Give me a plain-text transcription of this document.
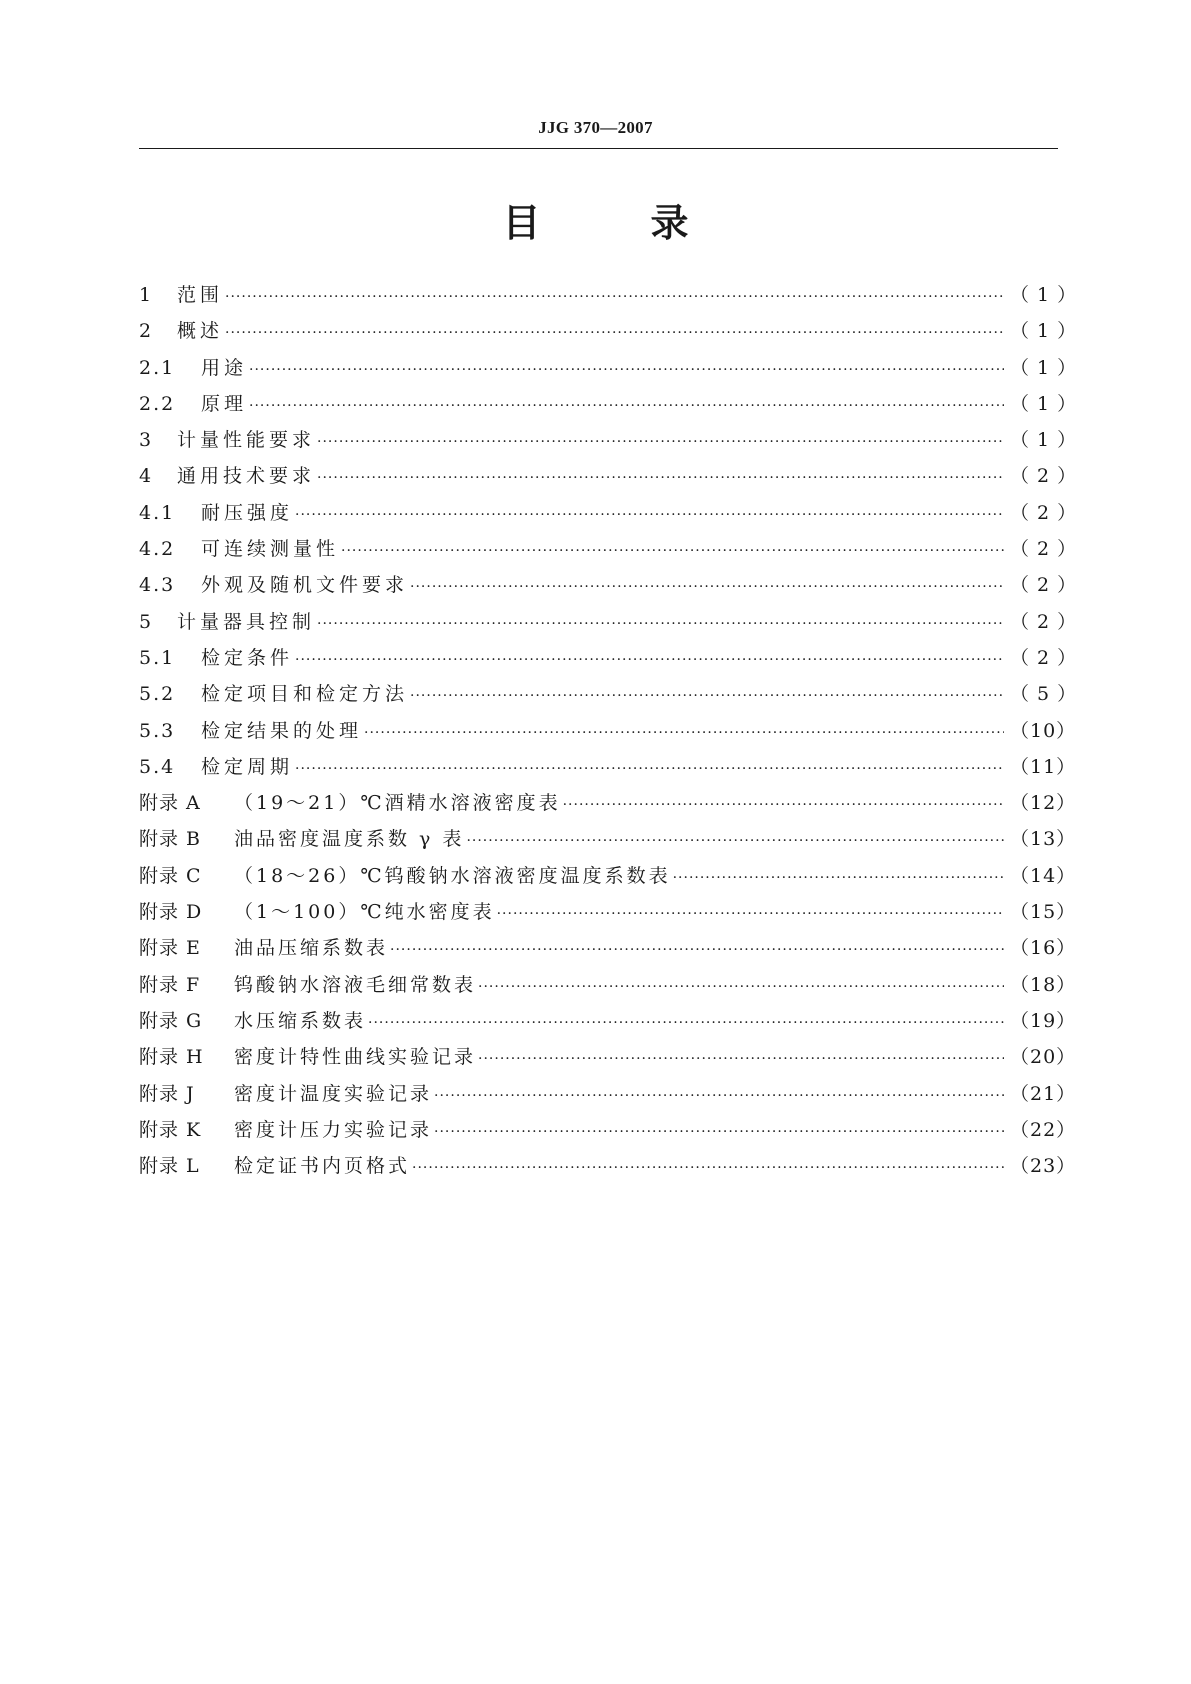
JJG 370—2007
目	录
1	范围 ·····	（ 1 ）
2	概述 ·····	（ 1 ）
2.1	用途 ·····	（ 1 ）
2.2	原理 ·····	（ 1 ）
3	计量性能要求 ·····	（ 1 ）
4	通用技术要求 ·····	（ 2 ）
4.1	耐压强度 ·····	（ 2 ）
4.2	可连续测量性 ·····	（ 2 ）
4.3	外观及随机文件要求 ·····	（ 2 ）
5	计量器具控制 ·····	（ 2 ）
5.1	检定条件 ·····	（ 2 ）
5.2	检定项目和检定方法 ·····	（ 5 ）
5.3	检定结果的处理 ·····	（10）
5.4	检定周期 ·····	（11）
附录 A	（19～21）℃酒精水溶液密度表 ·····	（12）
附录 B	油品密度温度系数 γ 表 ·····	（13）
附录 C	（18～26）℃钨酸钠水溶液密度温度系数表 ·····	（14）
附录 D	（1～100）℃纯水密度表 ·····	（15）
附录 E	油品压缩系数表 ·····	（16）
附录 F	钨酸钠水溶液毛细常数表 ·····	（18）
附录 G	水压缩系数表 ·····	（19）
附录 H	密度计特性曲线实验记录 ·····	（20）
附录 J	密度计温度实验记录 ·····	（21）
附录 K	密度计压力实验记录 ·····	（22）
附录 L	检定证书内页格式 ·····	（23）
